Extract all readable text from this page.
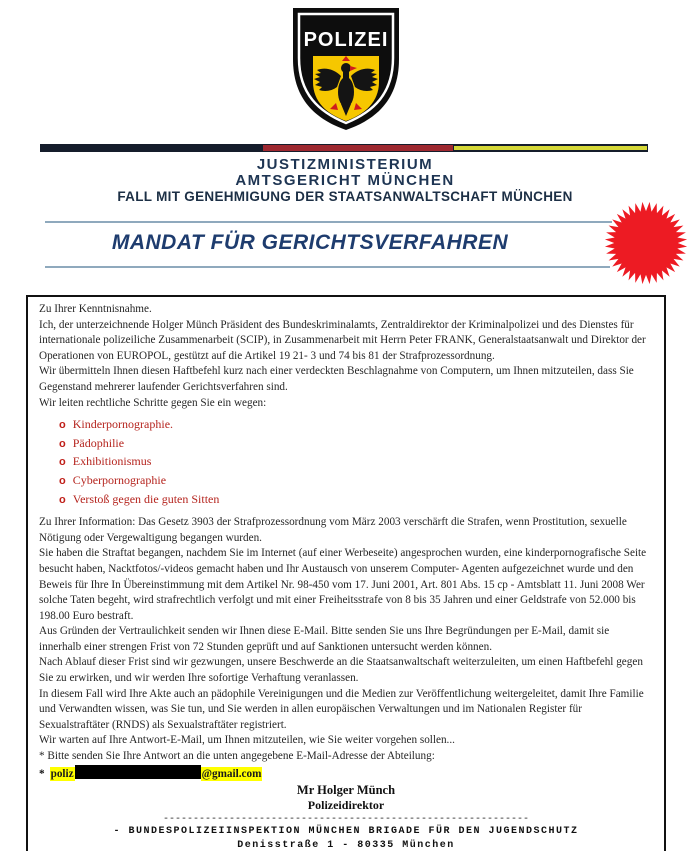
POLIZEI
JUSTIZMINISTERIUM
AMTSGERICHT MÜNCHEN
FALL MIT GENEHMIGUNG DER STAATSANWALTSCHAFT MÜNCHEN
MANDAT FÜR GERICHTSVERFAHREN

Zu Ihrer Kenntnisnahme.

Ich, der unterzeichnende Holger Münch Präsident des Bundeskriminalamts, Zentraldirektor der Kriminalpolizei und des Dienstes für internationale polizeiliche Zusammenarbeit (SCIP), in Zusammenarbeit mit Herrn Peter FRANK, Generalstaatsanwalt und Direktor der Operationen von EUROPOL, gestützt auf die Artikel 19 21- 3 und 74 bis 81 der Strafprozessordnung.

Wir übermitteln Ihnen diesen Haftbefehl kurz nach einer verdeckten Beschlagnahme von Computern, um Ihnen mitzuteilen, dass Sie Gegenstand mehrerer laufender Gerichtsverfahren sind.

Wir leiten rechtliche Schritte gegen Sie ein wegen:

o Kinderpornographie.
o Pädophilie
o Exhibitionismus
o Cyberpornographie
o Verstoß gegen die guten Sitten

Zu Ihrer Information: Das Gesetz 3903 der Strafprozessordnung vom März 2003 verschärft die Strafen, wenn Prostitution, sexuelle Nötigung oder Vergewaltigung begangen wurden.

Sie haben die Straftat begangen, nachdem Sie im Internet (auf einer Werbeseite) angesprochen wurden, eine kinderpornografische Seite besucht haben, Nacktfotos/-videos gemacht haben und Ihr Austausch von unserem Computer- Agenten aufgezeichnet wurde und den Beweis für Ihre In Übereinstimmung mit dem Artikel Nr. 98-450 vom 17. Juni 2001, Art. 801 Abs. 15 cp - Amtsblatt 11. Juni 2008 Wer solche Taten begeht, wird strafrechtlich verfolgt und mit einer Freiheitsstrafe von 8 bis 35 Jahren und einer Geldstrafe von 52.000 bis 198.00 Euro bestraft.

Aus Gründen der Vertraulichkeit senden wir Ihnen diese E-Mail. Bitte senden Sie uns Ihre Begründungen per E-Mail, damit sie innerhalb einer strengen Frist von 72 Stunden geprüft und auf Sanktionen untersucht werden können.

Nach Ablauf dieser Frist sind wir gezwungen, unsere Beschwerde an die Staatsanwaltschaft weiterzuleiten, um einen Haftbefehl gegen Sie zu erwirken, und wir werden Ihre sofortige Verhaftung veranlassen.

In diesem Fall wird Ihre Akte auch an pädophile Vereinigungen und die Medien zur Veröffentlichung weitergeleitet, damit Ihre Familie und Verwandten wissen, was Sie tun, und Sie werden in allen europäischen Verwaltungen und im Nationalen Register für Sexualstraftäter (RNDS) als Sexualstraftäter registriert.

Wir warten auf Ihre Antwort-E-Mail, um Ihnen mitzuteilen, wie Sie weiter vorgehen sollen...

* Bitte senden Sie Ihre Antwort an die unten angegebene E-Mail-Adresse der Abteilung:

* poliz	@gmail.com

Mr Holger Münch
Polizeidirektor
-------------------------------------------------------------
- BUNDESPOLIZEIINSPEKTION MÜNCHEN BRIGADE FÜR DEN JUGENDSCHUTZ
Denisstraße 1 - 80335 München
